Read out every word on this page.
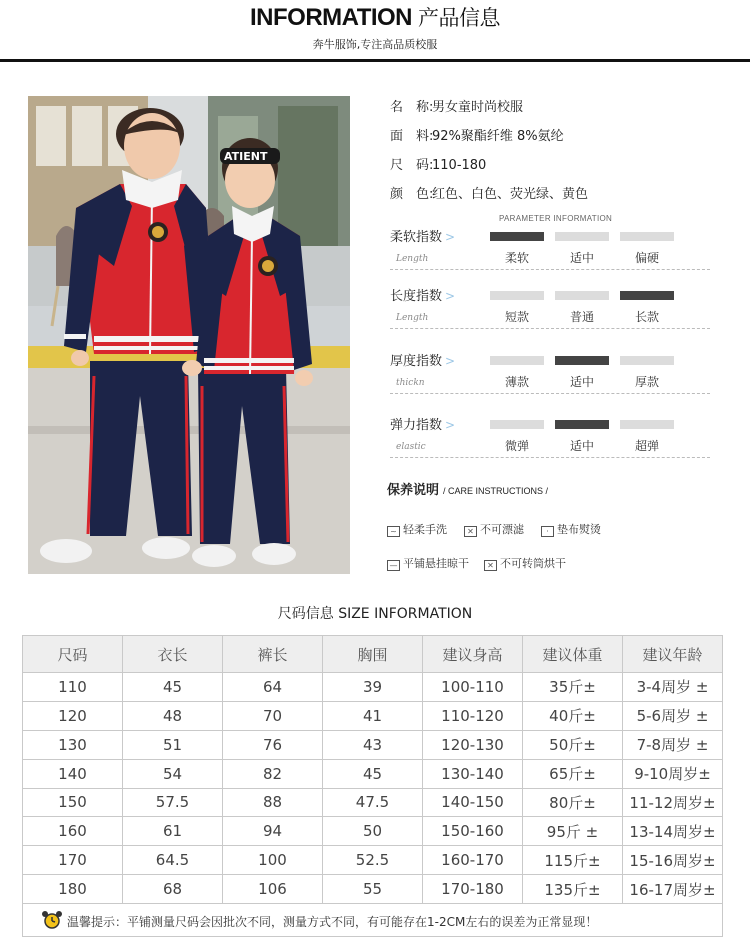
INFORMATION 产品信息
奔牛服饰,专注高品质校服
ATIENT
名　称:男女童时尚校服
面　料:92%聚酯纤维 8%氨纶
尺　码:110-180
颜　色:红色、白色、荧光绿、黄色
PARAMETER INFORMATION
柔软指数 >
Length	柔软	适中	偏硬
长度指数 >
Length	短款	普通	长款
厚度指数 >
thickn	薄款	适中	厚款
弹力指数 >
elastic	微弹	适中	超弹
保养说明 / CARE INSTRUCTIONS /
~ 轻柔手洗	✕ 不可漂滤	· 垫布熨烫
— 平铺悬挂晾干	✕ 不可转筒烘干
尺码信息 SIZE INFORMATION
尺码	衣长	裤长	胸围	建议身高	建议体重	建议年龄
110	45	64	39	100-110	35斤±	3-4周岁 ±
120	48	70	41	110-120	40斤±	5-6周岁 ±
130	51	76	43	120-130	50斤±	7-8周岁 ±
140	54	82	45	130-140	65斤±	9-10周岁±
150	57.5	88	47.5	140-150	80斤±	11-12周岁±
160	61	94	50	150-160	95斤 ±	13-14周岁±
170	64.5	100	52.5	160-170	115斤±	15-16周岁±
180	68	106	55	170-180	135斤±	16-17周岁±
温馨提示：平铺测量尺码会因批次不同，测量方式不同，有可能存在1-2CM左右的误差为正常显现！						
